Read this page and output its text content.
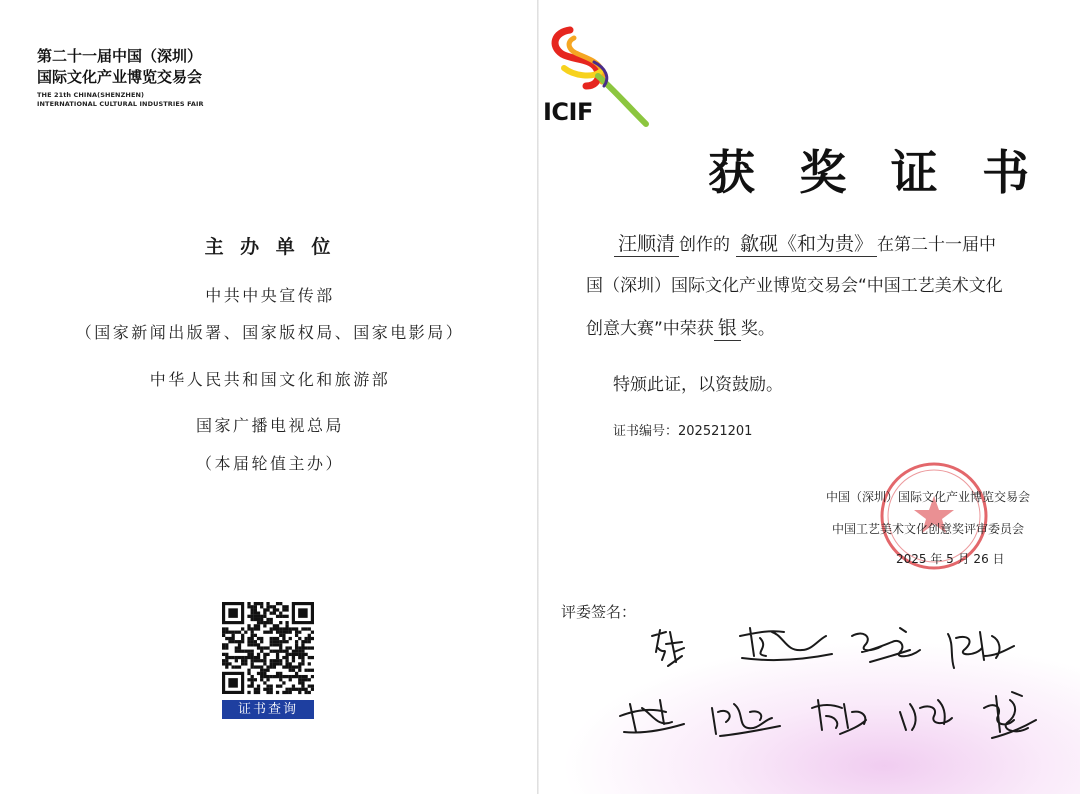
第二十一届中国（深圳）
国际文化产业博览交易会
THE 21th CHINA(SHENZHEN)
INTERNATIONAL CULTURAL INDUSTRIES FAIR	ICIF
主 办 单 位
中共中央宣传部
（国家新闻出版署、国家版权局、国家电影局）
中华人民共和国文化和旅游部
国家广播电视总局
（本届轮值主办）
证书查询
获 奖 证 书
汪顺清 创作的 歙砚《和为贵》 在第二十一届中
国（深圳）国际文化产业博览交易会“中国工艺美术文化
创意大赛”中荣获 银 奖。
特颁此证，以资鼓励。
证书编号：202521201
中国（深圳）国际文化产业博览交易会
中国工艺美术文化创意奖评审委员会
2025 年 5 月 26 日
评委签名：
